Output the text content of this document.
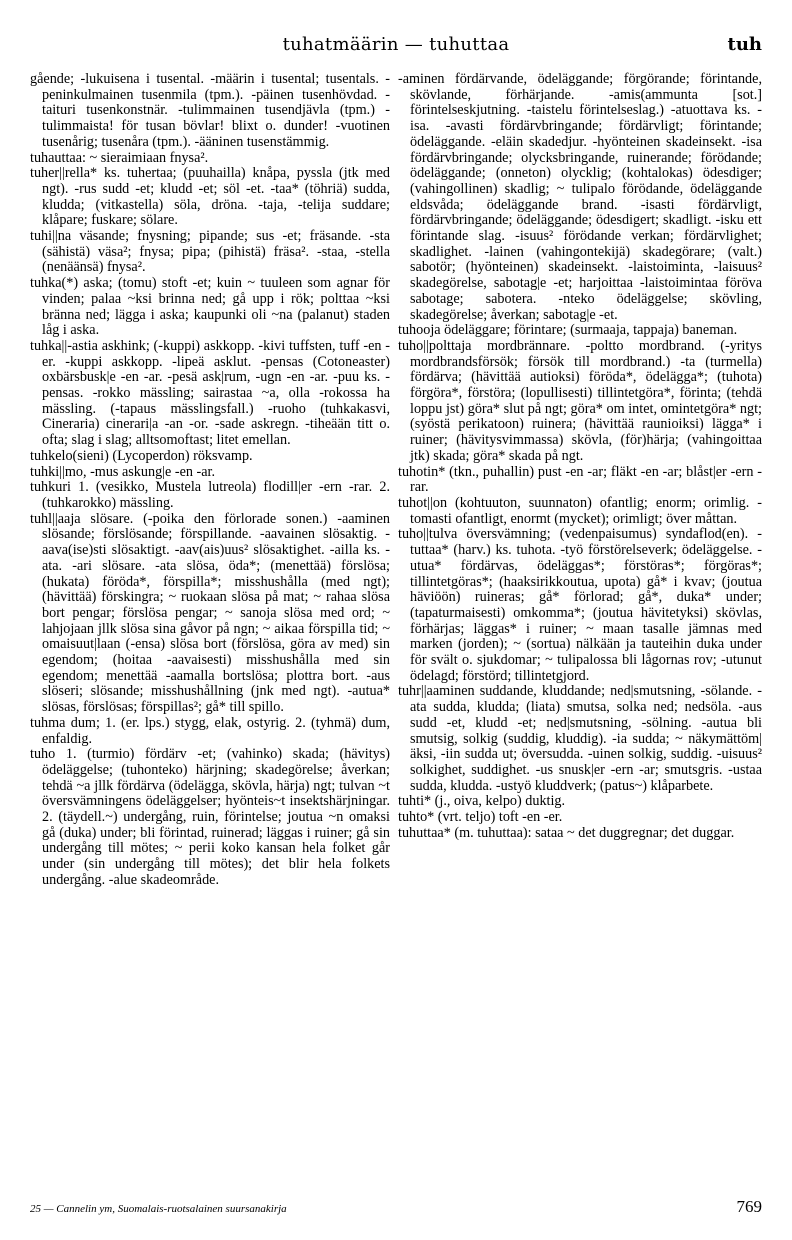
tuhatmäärin — tuhuttaa	tuh

gående; -lukuisena i tusental. -määrin i tusental; tusentals. -peninkulmainen tusenmila (tpm.). -päinen tusenhövdad. -taituri tusenkonstnär. -tulimmainen tusendjävla (tpm.) -tulimmaista! för tusan bövlar! blixt o. dunder! -vuotinen tusenårig; tusenåra (tpm.). -ääninen tusenstämmig.

tuhauttaa: ~ sieraimiaan fnysa².

tuher||rella* ks. tuhertaa; (puuhailla) knåpa, pyssla (jtk med ngt). -rus sudd -et; kludd -et; söl -et. -taa* (töhriä) sudda, kludda; (vitkastella) söla, dröna. -taja, -telija suddare; klåpare; fuskare; sölare.

tuhi||na väsande; fnysning; pipande; sus -et; fräsande. -sta (sähistä) väsa²; fnysa; pipa; (pihistä) fräsa². -staa, -stella (nenäänsä) fnysa².

tuhka(*) aska; (tomu) stoft -et; kuin ~ tuuleen som agnar för vinden; palaa ~ksi brinna ned; gå upp i rök; polttaa ~ksi bränna ned; lägga i aska; kaupunki oli ~na (palanut) staden låg i aska.

tuhka||-astia askhink; (-kuppi) askkopp. -kivi tuffsten, tuff -en -er. -kuppi askkopp. -lipeä asklut. -pensas (Cotoneaster) oxbärsbusk|e -en -ar. -pesä ask|rum, -ugn -en -ar. -puu ks. -pensas. -rokko mässling; sairastaa ~a, olla -rokossa ha mässling. (-tapaus mässlingsfall.) -ruoho (tuhkakasvi, Cineraria) cinerari|a -an -or. -sade askregn. -tiheään titt o. ofta; slag i slag; alltsomoftast; litet emellan.

tuhkelo(sieni) (Lycoperdon) röksvamp.

tuhki||mo, -mus askung|e -en -ar.

tuhkuri 1. (vesikko, Mustela lutreola) flodill|er -ern -rar. 2. (tuhkarokko) mässling.

tuhl||aaja slösare. (-poika den förlorade sonen.) -aaminen slösande; förslösande; förspillande. -aavainen slösaktig. -aava(ise)sti slösaktigt. -aav(ais)uus² slösaktighet. -ailla ks. -ata. -ari slösare. -ata slösa, öda*; (menettää) förslösa; (hukata) föröda*, förspilla*; misshushålla (med ngt); (hävittää) förskingra; ~ ruokaan slösa på mat; ~ rahaa slösa bort pengar; förslösa pengar; ~ sanoja slösa med ord; ~ lahjojaan jllk slösa sina gåvor på ngn; ~ aikaa förspilla tid; ~ omaisuut|laan (-ensa) slösa bort (förslösa, göra av med) sin egendom; (hoitaa -aavaisesti) misshushålla med sin egendom; menettää -aamalla bortslösa; plottra bort. -aus slöseri; slösande; misshushållning (jnk med ngt). -autua* slösas, förslösas; förspillas²; gå* till spillo.

tuhma dum; 1. (er. lps.) stygg, elak, ostyrig. 2. (tyhmä) dum, enfaldig.

tuho 1. (turmio) fördärv -et; (vahinko) skada; (hävitys) ödeläggelse; (tuhonteko) härjning; skadegörelse; åverkan; tehdä ~a jllk fördärva (ödelägga, skövla, härja) ngt; tulvan ~t översvämningens ödeläggelser; hyönteis~t insektshärjningar. 2. (täydell.~) undergång, ruin, förintelse; joutua ~n omaksi gå (duka) under; bli förintad, ruinerad; läggas i ruiner; gå sin undergång till mötes; ~ perii koko kansan hela folket går under (sin undergång till mötes); det blir hela folkets undergång. -alue skadeområde.

-aminen fördärvande, ödeläggande; förgörande; förintande, skövlande, förhärjande. -amis(ammunta [sot.] förintelseskjutning. -taistelu förintelseslag.) -atuottava ks. -isa. -avasti fördärvbringande; fördärvligt; förintande; ödeläggande. -eläin skadedjur. -hyönteinen skadeinsekt. -isa fördärvbringande; olycksbringande, ruinerande; förödande; ödeläggande; (onneton) olycklig; (kohtalokas) ödesdiger; (vahingollinen) skadlig; ~ tulipalo förödande, ödeläggande eldsvåda; ödeläggande brand. -isasti fördärvligt, fördärvbringande; ödeläggande; ödesdigert; skadligt. -isku ett förintande slag. -isuus² förödande verkan; fördärvlighet; skadlighet. -lainen (vahingontekijä) skadegörare; (valt.) sabotör; (hyönteinen) skadeinsekt. -laistoiminta, -laisuus² skadegörelse, sabotag|e -et; harjoittaa -laistoimintaa föröva sabotage; sabotera. -nteko ödeläggelse; skövling, skadegörelse; åverkan; sabotag|e -et.

tuhooja ödeläggare; förintare; (surmaaja, tappaja) baneman.

tuho||polttaja mordbrännare. -poltto mordbrand. (-yritys mordbrandsförsök; försök till mordbrand.) -ta (turmella) fördärva; (hävittää autioksi) föröda*, ödelägga*; (tuhota) förgöra*, förstöra; (lopullisesti) tillintetgöra*, förinta; (tehdä loppu jst) göra* slut på ngt; göra* om intet, omintetgöra* ngt; (syöstä perikatoon) ruinera; (hävittää raunioiksi) lägga* i ruiner; (hävitysvimmassa) skövla, (för)härja; (vahingoittaa jtk) skada; göra* skada på ngt.

tuhotin* (tkn., puhallin) pust -en -ar; fläkt -en -ar; blåst|er -ern -rar.

tuhot||on (kohtuuton, suunnaton) ofantlig; enorm; orimlig. -tomasti ofantligt, enormt (mycket); orimligt; över måttan.

tuho||tulva översvämning; (vedenpaisumus) syndaflod(en). -tuttaa* (harv.) ks. tuhota. -työ förstörelseverk; ödeläggelse. -utua* fördärvas, ödeläggas*; förstöras*; förgöras*; tillintetgöras*; (haaksirikkoutua, upota) gå* i kvav; (joutua häviöön) ruineras; gå* förlorad; gå*, duka* under; (tapaturmaisesti) omkomma*; (joutua hävitetyksi) skövlas, förhärjas; läggas* i ruiner; ~ maan tasalle jämnas med marken (jorden); ~ (sortua) nälkään ja tauteihin duka under för svält o. sjukdomar; ~ tulipalossa bli lågornas rov; -utunut ödelagd; förstörd; tillintetgjord.

tuhr||aaminen suddande, kluddande; ned|smutsning, -sölande. -ata sudda, kludda; (liata) smutsa, solka ned; nedsöla. -aus sudd -et, kludd -et; ned|smutsning, -sölning. -autua bli smutsig, solkig (suddig, kluddig). -ia sudda; ~ näkymättöm|äksi, -iin sudda ut; översudda. -uinen solkig, suddig. -uisuus² solkighet, suddighet. -us snusk|er -ern -ar; smutsgris. -ustaa sudda, kludda. -ustyö kluddverk; (patus~) klåparbete.

tuhti* (j., oiva, kelpo) duktig.

tuhto* (vrt. teljo) toft -en -er.

tuhuttaa* (m. tuhuttaa): sataa ~ det duggregnar; det duggar.

25 — Cannelin ym, Suomalais-ruotsalainen suursanakirja	769
